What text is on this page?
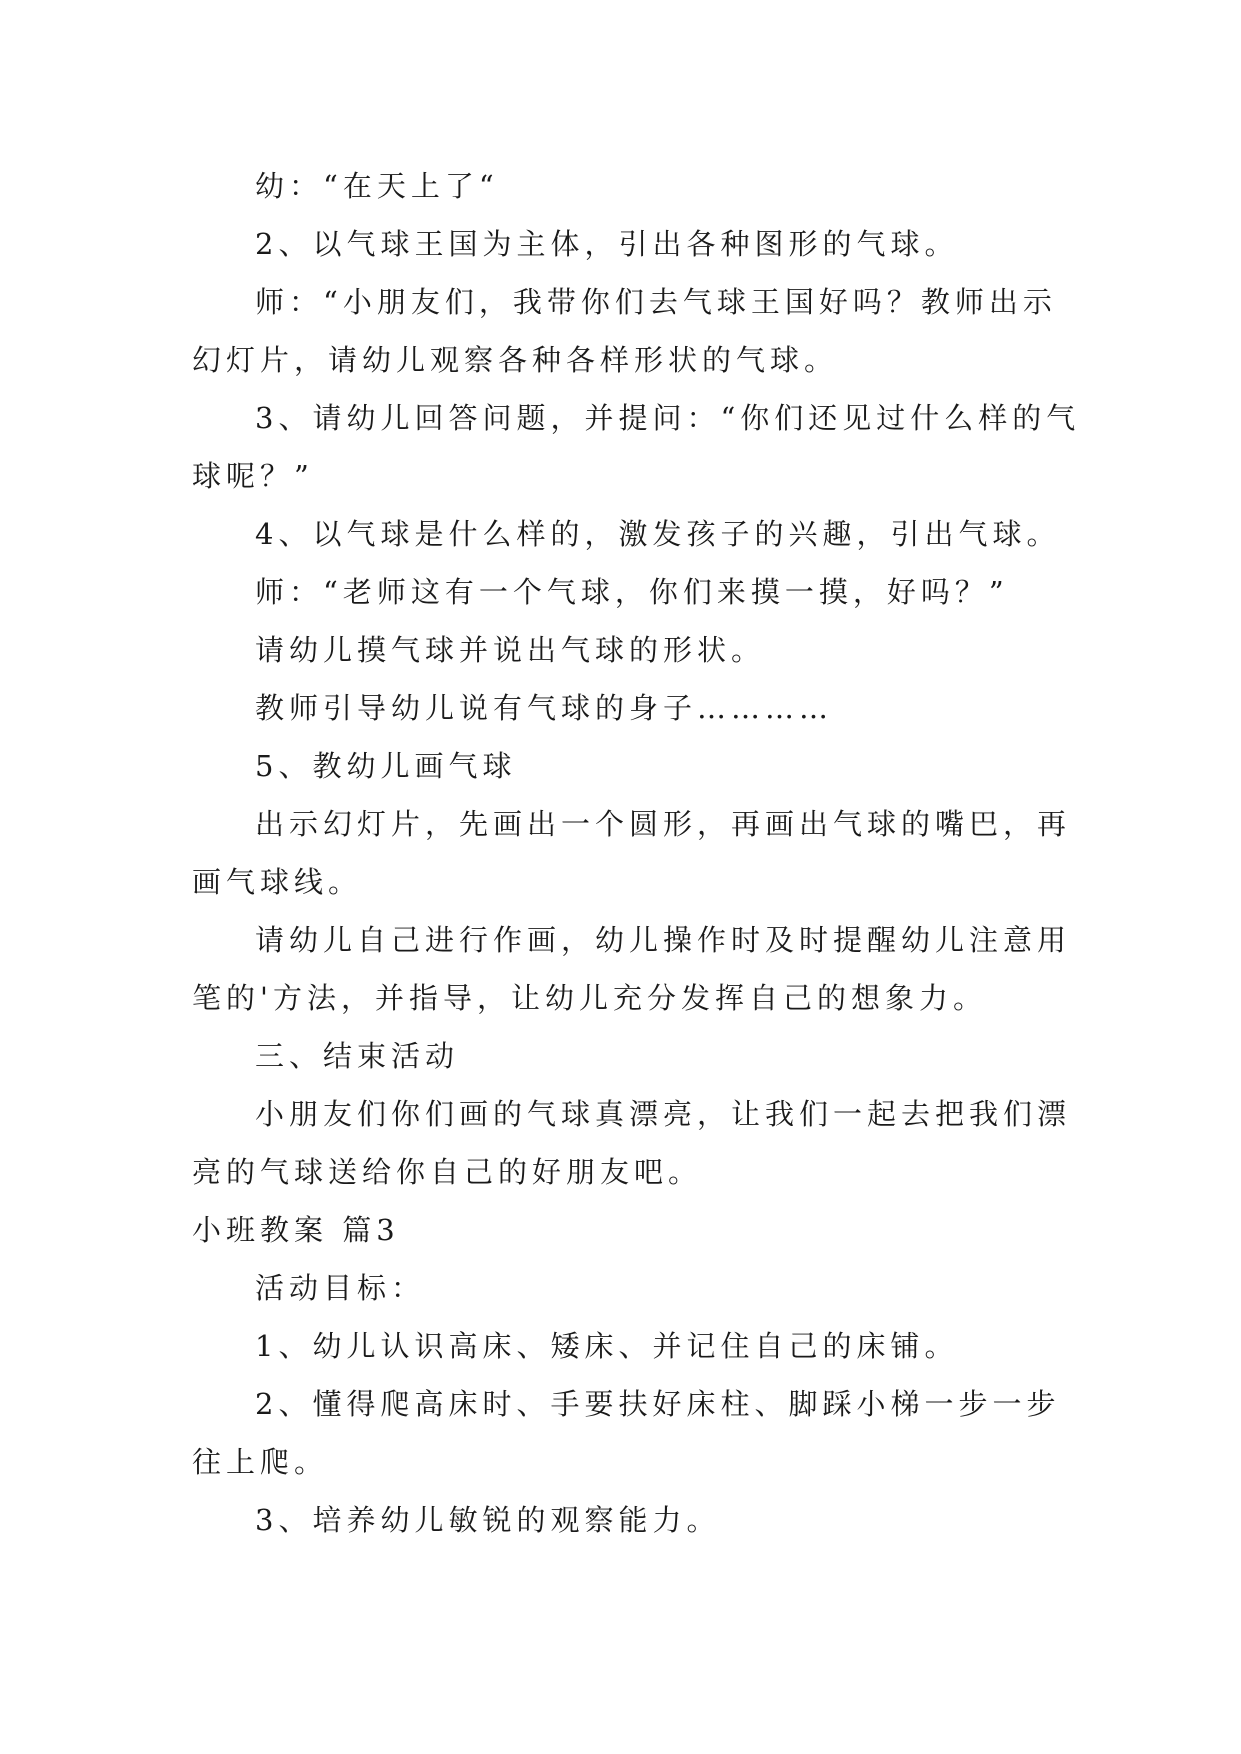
幼：“在天上了“
2、以气球王国为主体，引出各种图形的气球。
师：“小朋友们，我带你们去气球王国好吗？教师出示
幻灯片，请幼儿观察各种各样形状的气球。
3、请幼儿回答问题，并提问：“你们还见过什么样的气
球呢？”
4、以气球是什么样的，激发孩子的兴趣，引出气球。
师：“老师这有一个气球，你们来摸一摸，好吗？”
请幼儿摸气球并说出气球的形状。
教师引导幼儿说有气球的身子…………
5、教幼儿画气球
出示幻灯片，先画出一个圆形，再画出气球的嘴巴，再
画气球线。
请幼儿自己进行作画，幼儿操作时及时提醒幼儿注意用
笔的'方法，并指导，让幼儿充分发挥自己的想象力。
三、结束活动
小朋友们你们画的气球真漂亮，让我们一起去把我们漂
亮的气球送给你自己的好朋友吧。
小班教案 篇3
活动目标：
1、幼儿认识高床、矮床、并记住自己的床铺。
2、懂得爬高床时、手要扶好床柱、脚踩小梯一步一步
往上爬。
3、培养幼儿敏锐的观察能力。
